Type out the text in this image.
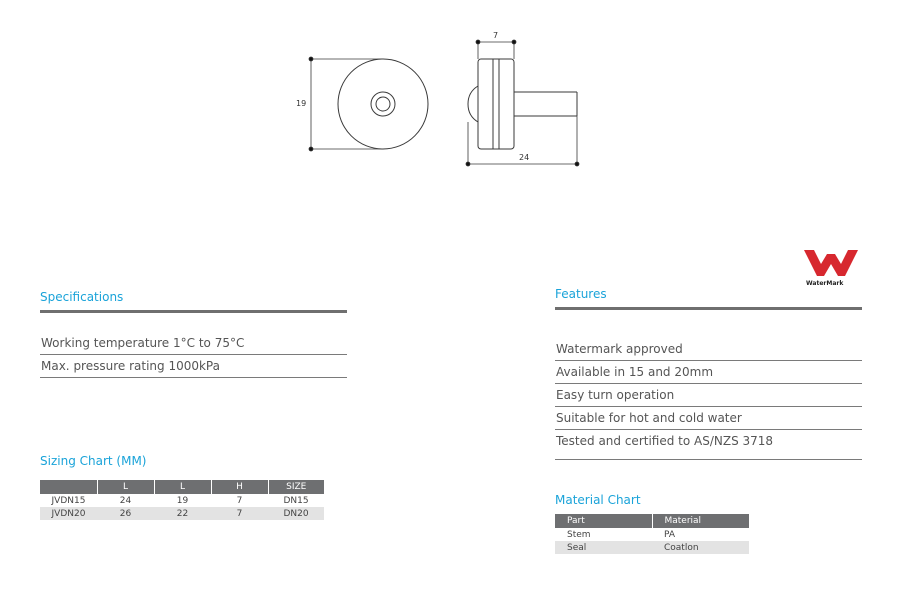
19
7
24
WaterMark
Specifications
Working temperature 1°C to 75°C
Max. pressure rating 1000kPa
Sizing Chart (MM)
	L	L	H	SIZE
JVDN15	24	19	7	DN15
JVDN20	26	22	7	DN20
Features
Watermark approved
Available in 15 and 20mm
Easy turn operation
Suitable for hot and cold water
Tested and certified to AS/NZS 3718
Material Chart
Part	Material
Stem	PA
Seal	Coatlon
